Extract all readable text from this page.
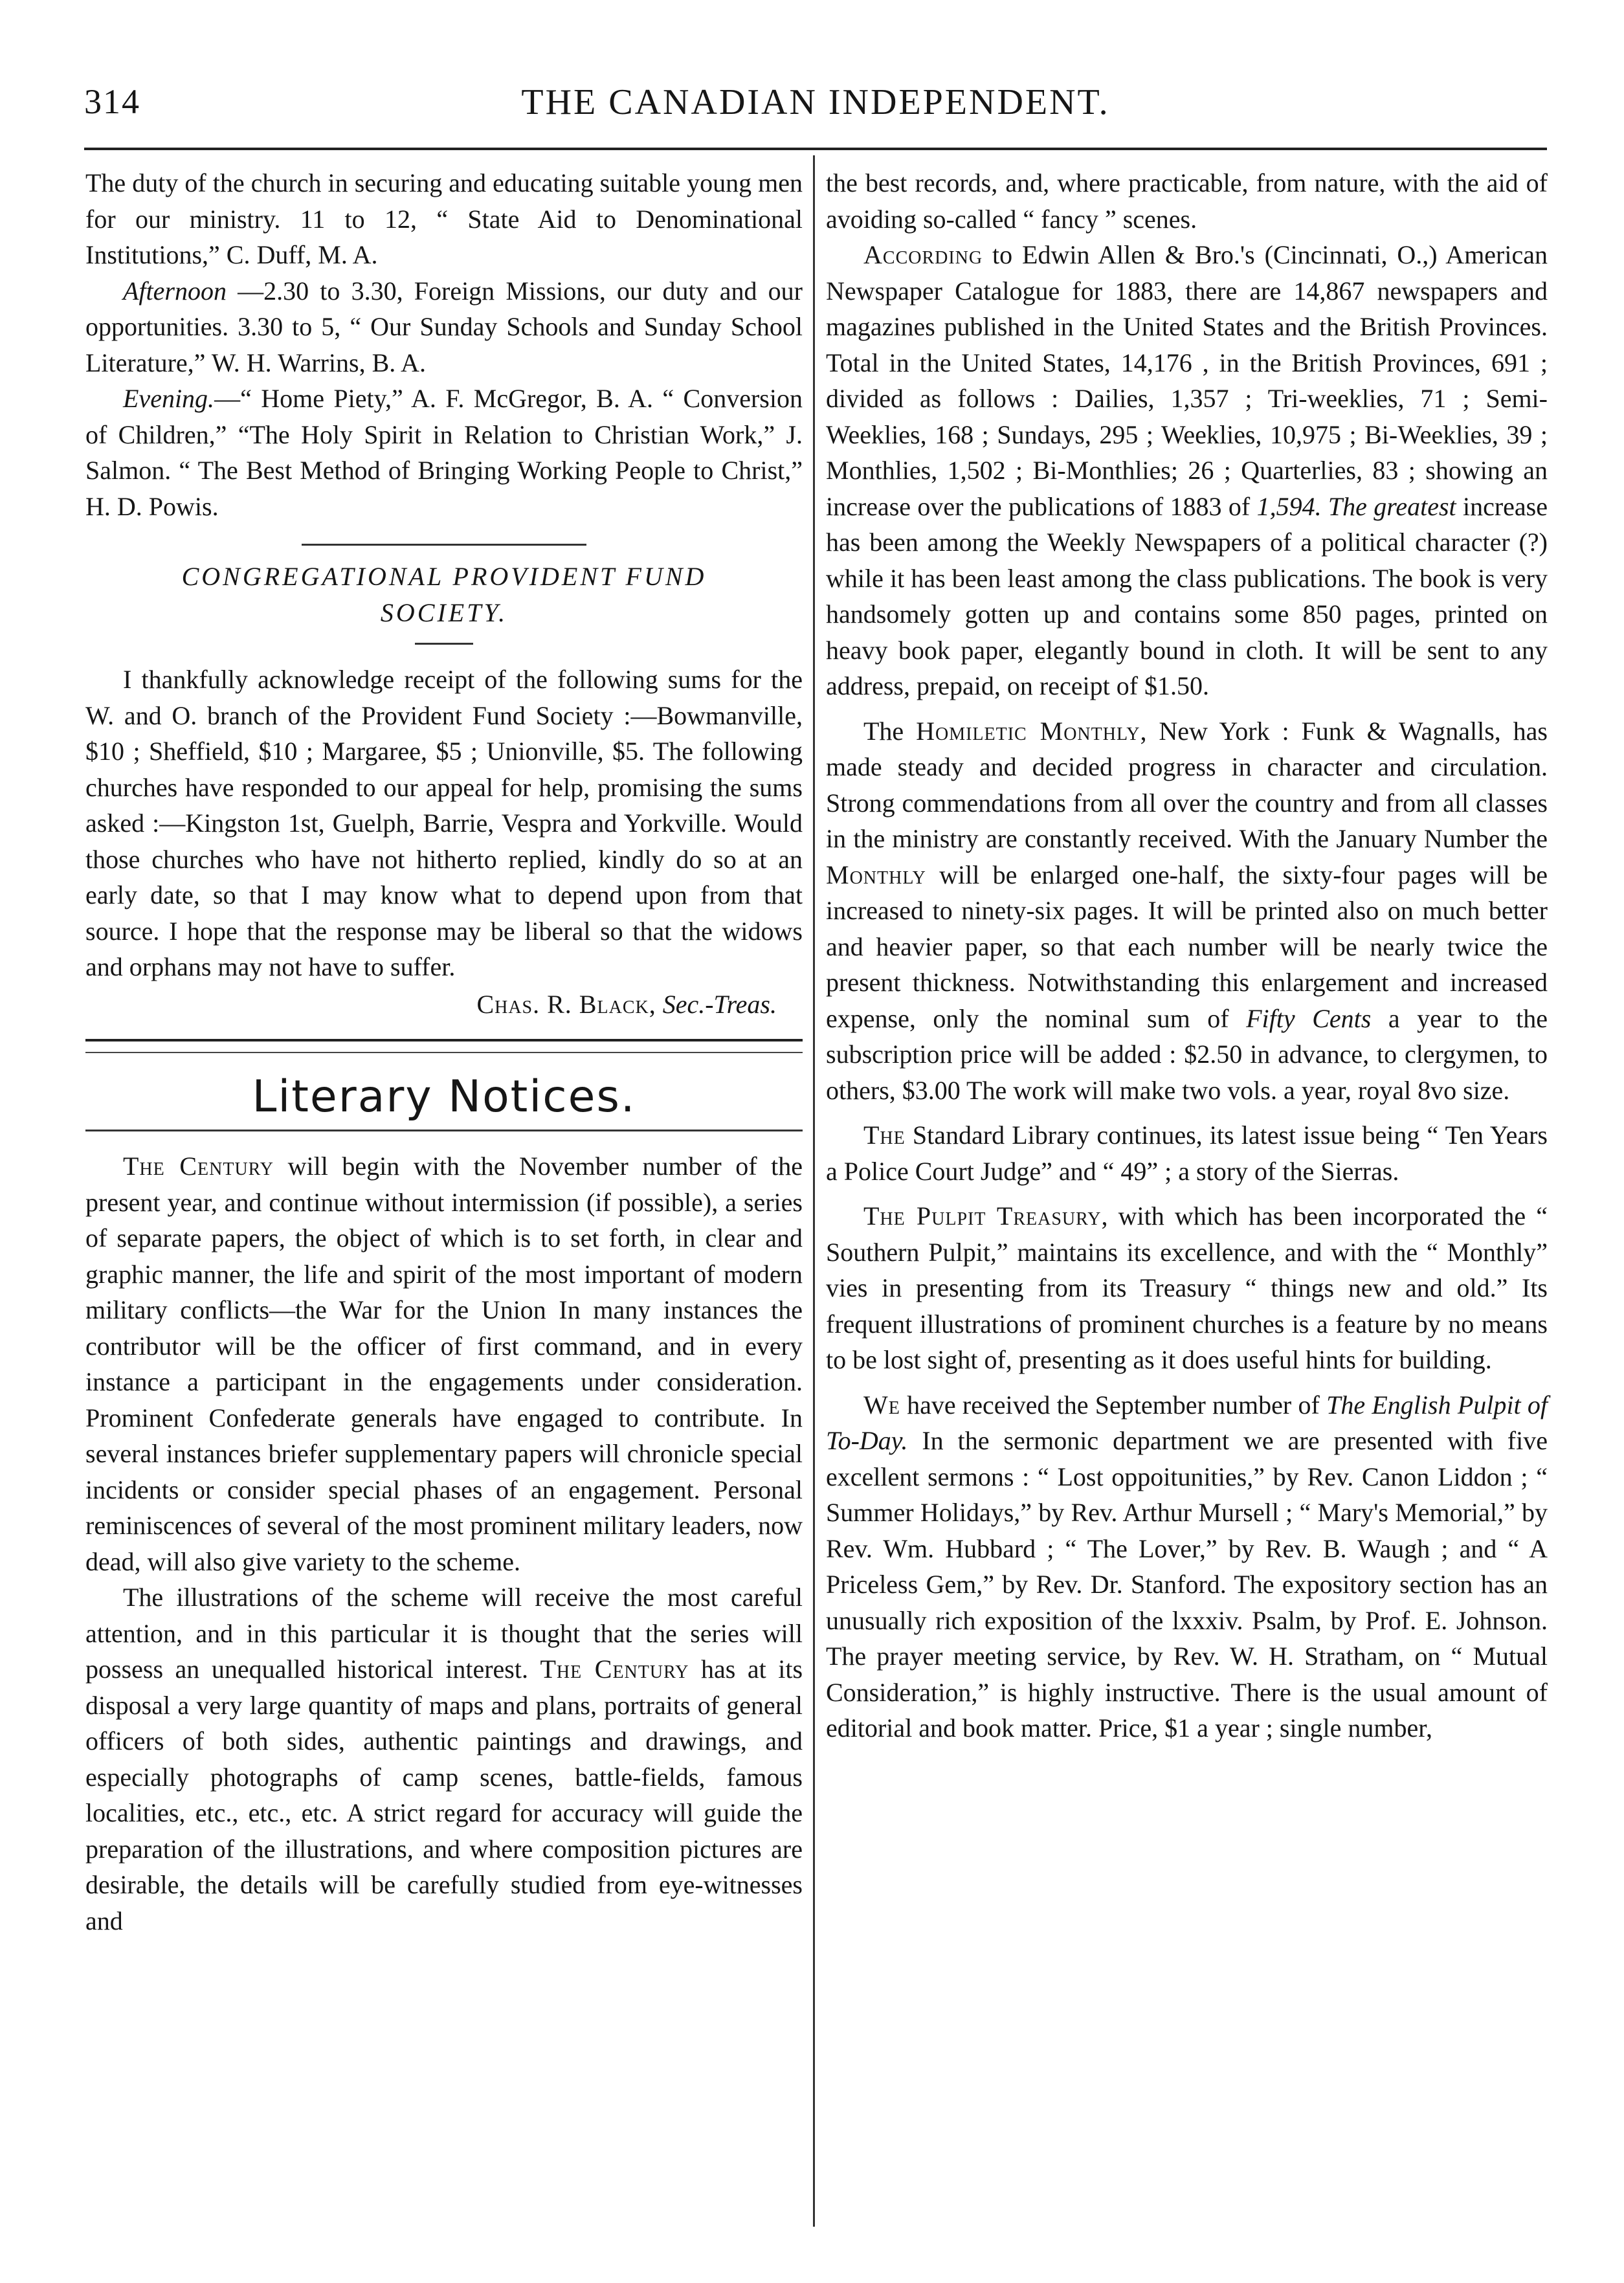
314	THE CANADIAN INDEPENDENT.

The duty of the church in securing and educating suitable young men for our ministry. 11 to 12, “ State Aid to Denominational Institutions,” C. Duff, M. A.

Afternoon —2.30 to 3.30, Foreign Missions, our duty and our opportunities. 3.30 to 5, “ Our Sunday Schools and Sunday School Literature,” W. H. Warrins, B. A.

Evening.—“ Home Piety,” A. F. McGregor, B. A. “ Conversion of Children,” “The Holy Spirit in Relation to Christian Work,” J. Salmon. “ The Best Method of Bringing Working People to Christ,” H. D. Powis.

CONGREGATIONAL PROVIDENT FUND
SOCIETY.

I thankfully acknowledge receipt of the following sums for the W. and O. branch of the Provident Fund Society :—Bowmanville, $10 ; Sheffield, $10 ; Margaree, $5 ; Unionville, $5. The following churches have responded to our appeal for help, promising the sums asked :—Kingston 1st, Guelph, Barrie, Vespra and Yorkville. Would those churches who have not hitherto replied, kindly do so at an early date, so that I may know what to depend upon from that source. I hope that the response may be liberal so that the widows and orphans may not have to suffer.

Chas. R. Black, Sec.-Treas.
Literary Notices.

The Century will begin with the November number of the present year, and continue without intermission (if possible), a series of separate papers, the object of which is to set forth, in clear and graphic manner, the life and spirit of the most important of modern military conflicts—the War for the Union In many instances the contributor will be the officer of first command, and in every instance a participant in the engagements under consideration. Prominent Confederate generals have engaged to contribute. In several instances briefer supplementary papers will chronicle special incidents or consider special phases of an engagement. Personal reminiscences of several of the most prominent military leaders, now dead, will also give variety to the scheme.

The illustrations of the scheme will receive the most careful attention, and in this particular it is thought that the series will possess an unequalled historical interest. The Century has at its disposal a very large quantity of maps and plans, portraits of general officers of both sides, authentic paintings and drawings, and especially photographs of camp scenes, battle-fields, famous localities, etc., etc., etc. A strict regard for accuracy will guide the preparation of the illustrations, and where composition pictures are desirable, the details will be carefully studied from eye-witnesses and

the best records, and, where practicable, from nature, with the aid of avoiding so-called “ fancy ” scenes.

According to Edwin Allen & Bro.'s (Cincinnati, O.,) American Newspaper Catalogue for 1883, there are 14,867 newspapers and magazines published in the United States and the British Provinces. Total in the United States, 14,176 , in the British Provinces, 691 ; divided as follows : Dailies, 1,357 ; Tri-weeklies, 71 ; Semi-Weeklies, 168 ; Sundays, 295 ; Weeklies, 10,975 ; Bi-Weeklies, 39 ; Monthlies, 1,502 ; Bi-Monthlies; 26 ; Quarterlies, 83 ; showing an increase over the publications of 1883 of 1,594. The greatest increase has been among the Weekly Newspapers of a political character (?) while it has been least among the class publications. The book is very handsomely gotten up and contains some 850 pages, printed on heavy book paper, elegantly bound in cloth. It will be sent to any address, prepaid, on receipt of $1.50.

The Homiletic Monthly, New York : Funk & Wagnalls, has made steady and decided progress in character and circulation. Strong commendations from all over the country and from all classes in the ministry are constantly received. With the January Number the Monthly will be enlarged one-half, the sixty-four pages will be increased to ninety-six pages. It will be printed also on much better and heavier paper, so that each number will be nearly twice the present thickness. Notwithstanding this enlargement and increased expense, only the nominal sum of Fifty Cents a year to the subscription price will be added : $2.50 in advance, to clergymen, to others, $3.00 The work will make two vols. a year, royal 8vo size.

The Standard Library continues, its latest issue being “ Ten Years a Police Court Judge” and “ 49” ; a story of the Sierras.

The Pulpit Treasury, with which has been incorporated the “ Southern Pulpit,” maintains its excellence, and with the “ Monthly” vies in presenting from its Treasury “ things new and old.” Its frequent illustrations of prominent churches is a feature by no means to be lost sight of, presenting as it does useful hints for building.

We have received the September number of The English Pulpit of To-Day. In the sermonic department we are presented with five excellent sermons : “ Lost oppoitunities,” by Rev. Canon Liddon ; “ Summer Holidays,” by Rev. Arthur Mursell ; “ Mary's Memorial,” by Rev. Wm. Hubbard ; “ The Lover,” by Rev. B. Waugh ; and “ A Priceless Gem,” by Rev. Dr. Stanford. The expository section has an unusually rich exposition of the lxxxiv. Psalm, by Prof. E. Johnson. The prayer meeting service, by Rev. W. H. Stratham, on “ Mutual Consideration,” is highly instructive. There is the usual amount of editorial and book matter. Price, $1 a year ; single number,
